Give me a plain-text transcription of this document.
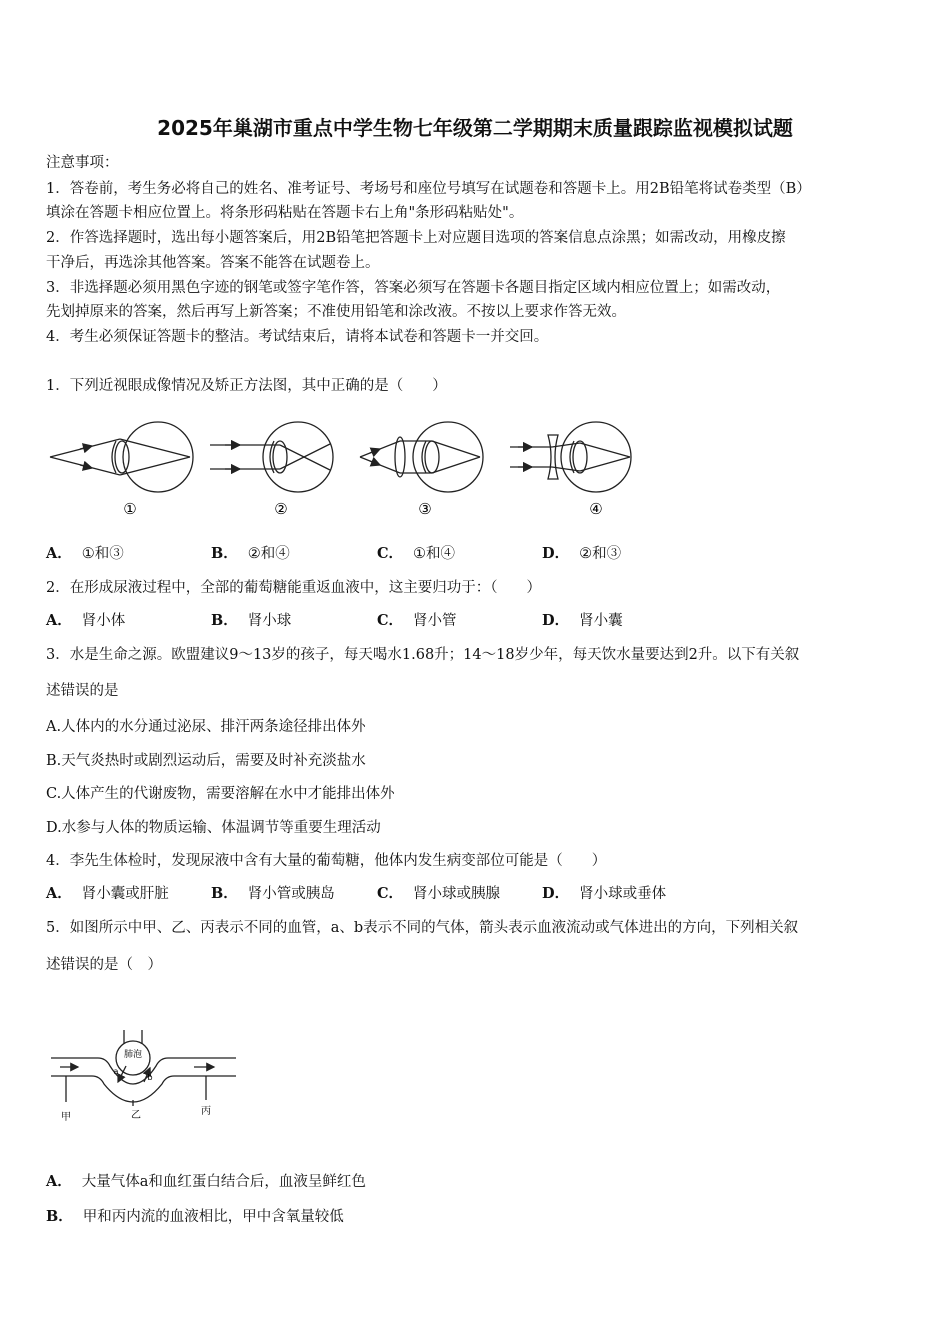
2025年巢湖市重点中学生物七年级第二学期期末质量跟踪监视模拟试题
注意事项：
1．答卷前，考生务必将自己的姓名、准考证号、考场号和座位号填写在试题卷和答题卡上。用2B铅笔将试卷类型（B）
填涂在答题卡相应位置上。将条形码粘贴在答题卡右上角"条形码粘贴处"。
2．作答选择题时，选出每小题答案后，用2B铅笔把答题卡上对应题目选项的答案信息点涂黑；如需改动，用橡皮擦
干净后，再选涂其他答案。答案不能答在试题卷上。
3．非选择题必须用黑色字迹的钢笔或签字笔作答，答案必须写在答题卡各题目指定区域内相应位置上；如需改动，
先划掉原来的答案，然后再写上新答案；不准使用铅笔和涂改液。不按以上要求作答无效。
4．考生必须保证答题卡的整洁。考试结束后，请将本试卷和答题卡一并交回。
1．下列近视眼成像情况及矫正方法图，其中正确的是（　　）
①	②	③	④
A． ①和③	B． ②和④	C． ①和④	D． ②和③
2．在形成尿液过程中，全部的葡萄糖能重返血液中，这主要归功于：（　　）
A． 肾小体	B． 肾小球	C． 肾小管	D． 肾小囊
3．水是生命之源。欧盟建议9～13岁的孩子，每天喝水1.68升；14～18岁少年，每天饮水量要达到2升。以下有关叙
述错误的是
A.人体内的水分通过泌尿、排汗两条途径排出体外
B.天气炎热时或剧烈运动后，需要及时补充淡盐水
C.人体产生的代谢废物，需要溶解在水中才能排出体外
D.水参与人体的物质运输、体温调节等重要生理活动
4．李先生体检时，发现尿液中含有大量的葡萄糖，他体内发生病变部位可能是（　　）
A． 肾小囊或肝脏	B． 肾小管或胰岛	C． 肾小球或胰腺	D． 肾小球或垂体
5．如图所示中甲、乙、丙表示不同的血管，a、b表示不同的气体，箭头表示血液流动或气体进出的方向，下列相关叙
述错误的是（　）
肺泡
a
b
甲	乙	丙
A． 大量气体a和血红蛋白结合后，血液呈鲜红色
B． 甲和丙内流的血液相比，甲中含氧量较低
